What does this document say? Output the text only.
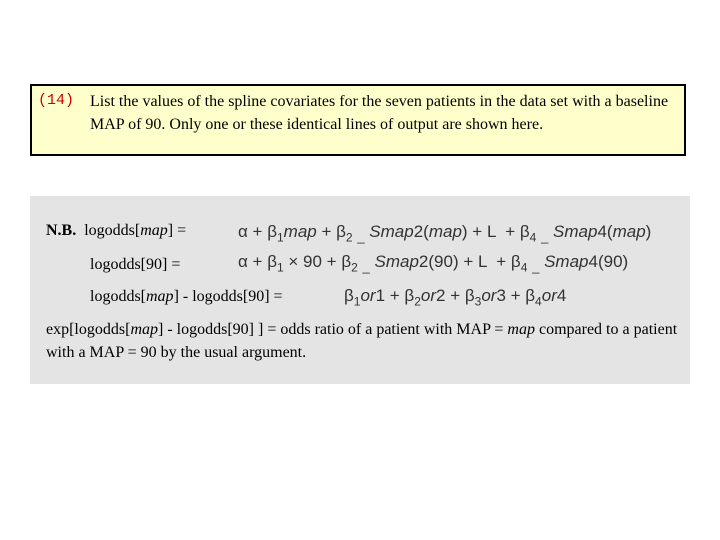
(14) List the values of the spline covariates for the seven patients in the data set with a baseline MAP of 90. Only one or these identical lines of output are shown here.
N.B. logodds[map] =	$\alpha + \beta_1map + \beta_2$ $_{\_}$ Smap2(map) + $L + \beta_4$ $_{\_}$ Smap4(map)
logodds[90] =	$\alpha + \beta_1 \times 90 + \beta_2$ $_{\_}$ Smap2(90) + $L + \beta_4$ $_{\_}$ Smap4(90)
logodds[map] - logodds[90] =	$\beta_1or1 + \beta_2or2 + \beta_3or3 + \beta_4or4$
exp[logodds[map] - logodds[90] ] = odds ratio of a patient with MAP = map compared to a patient with a MAP = 90 by the usual argument.
